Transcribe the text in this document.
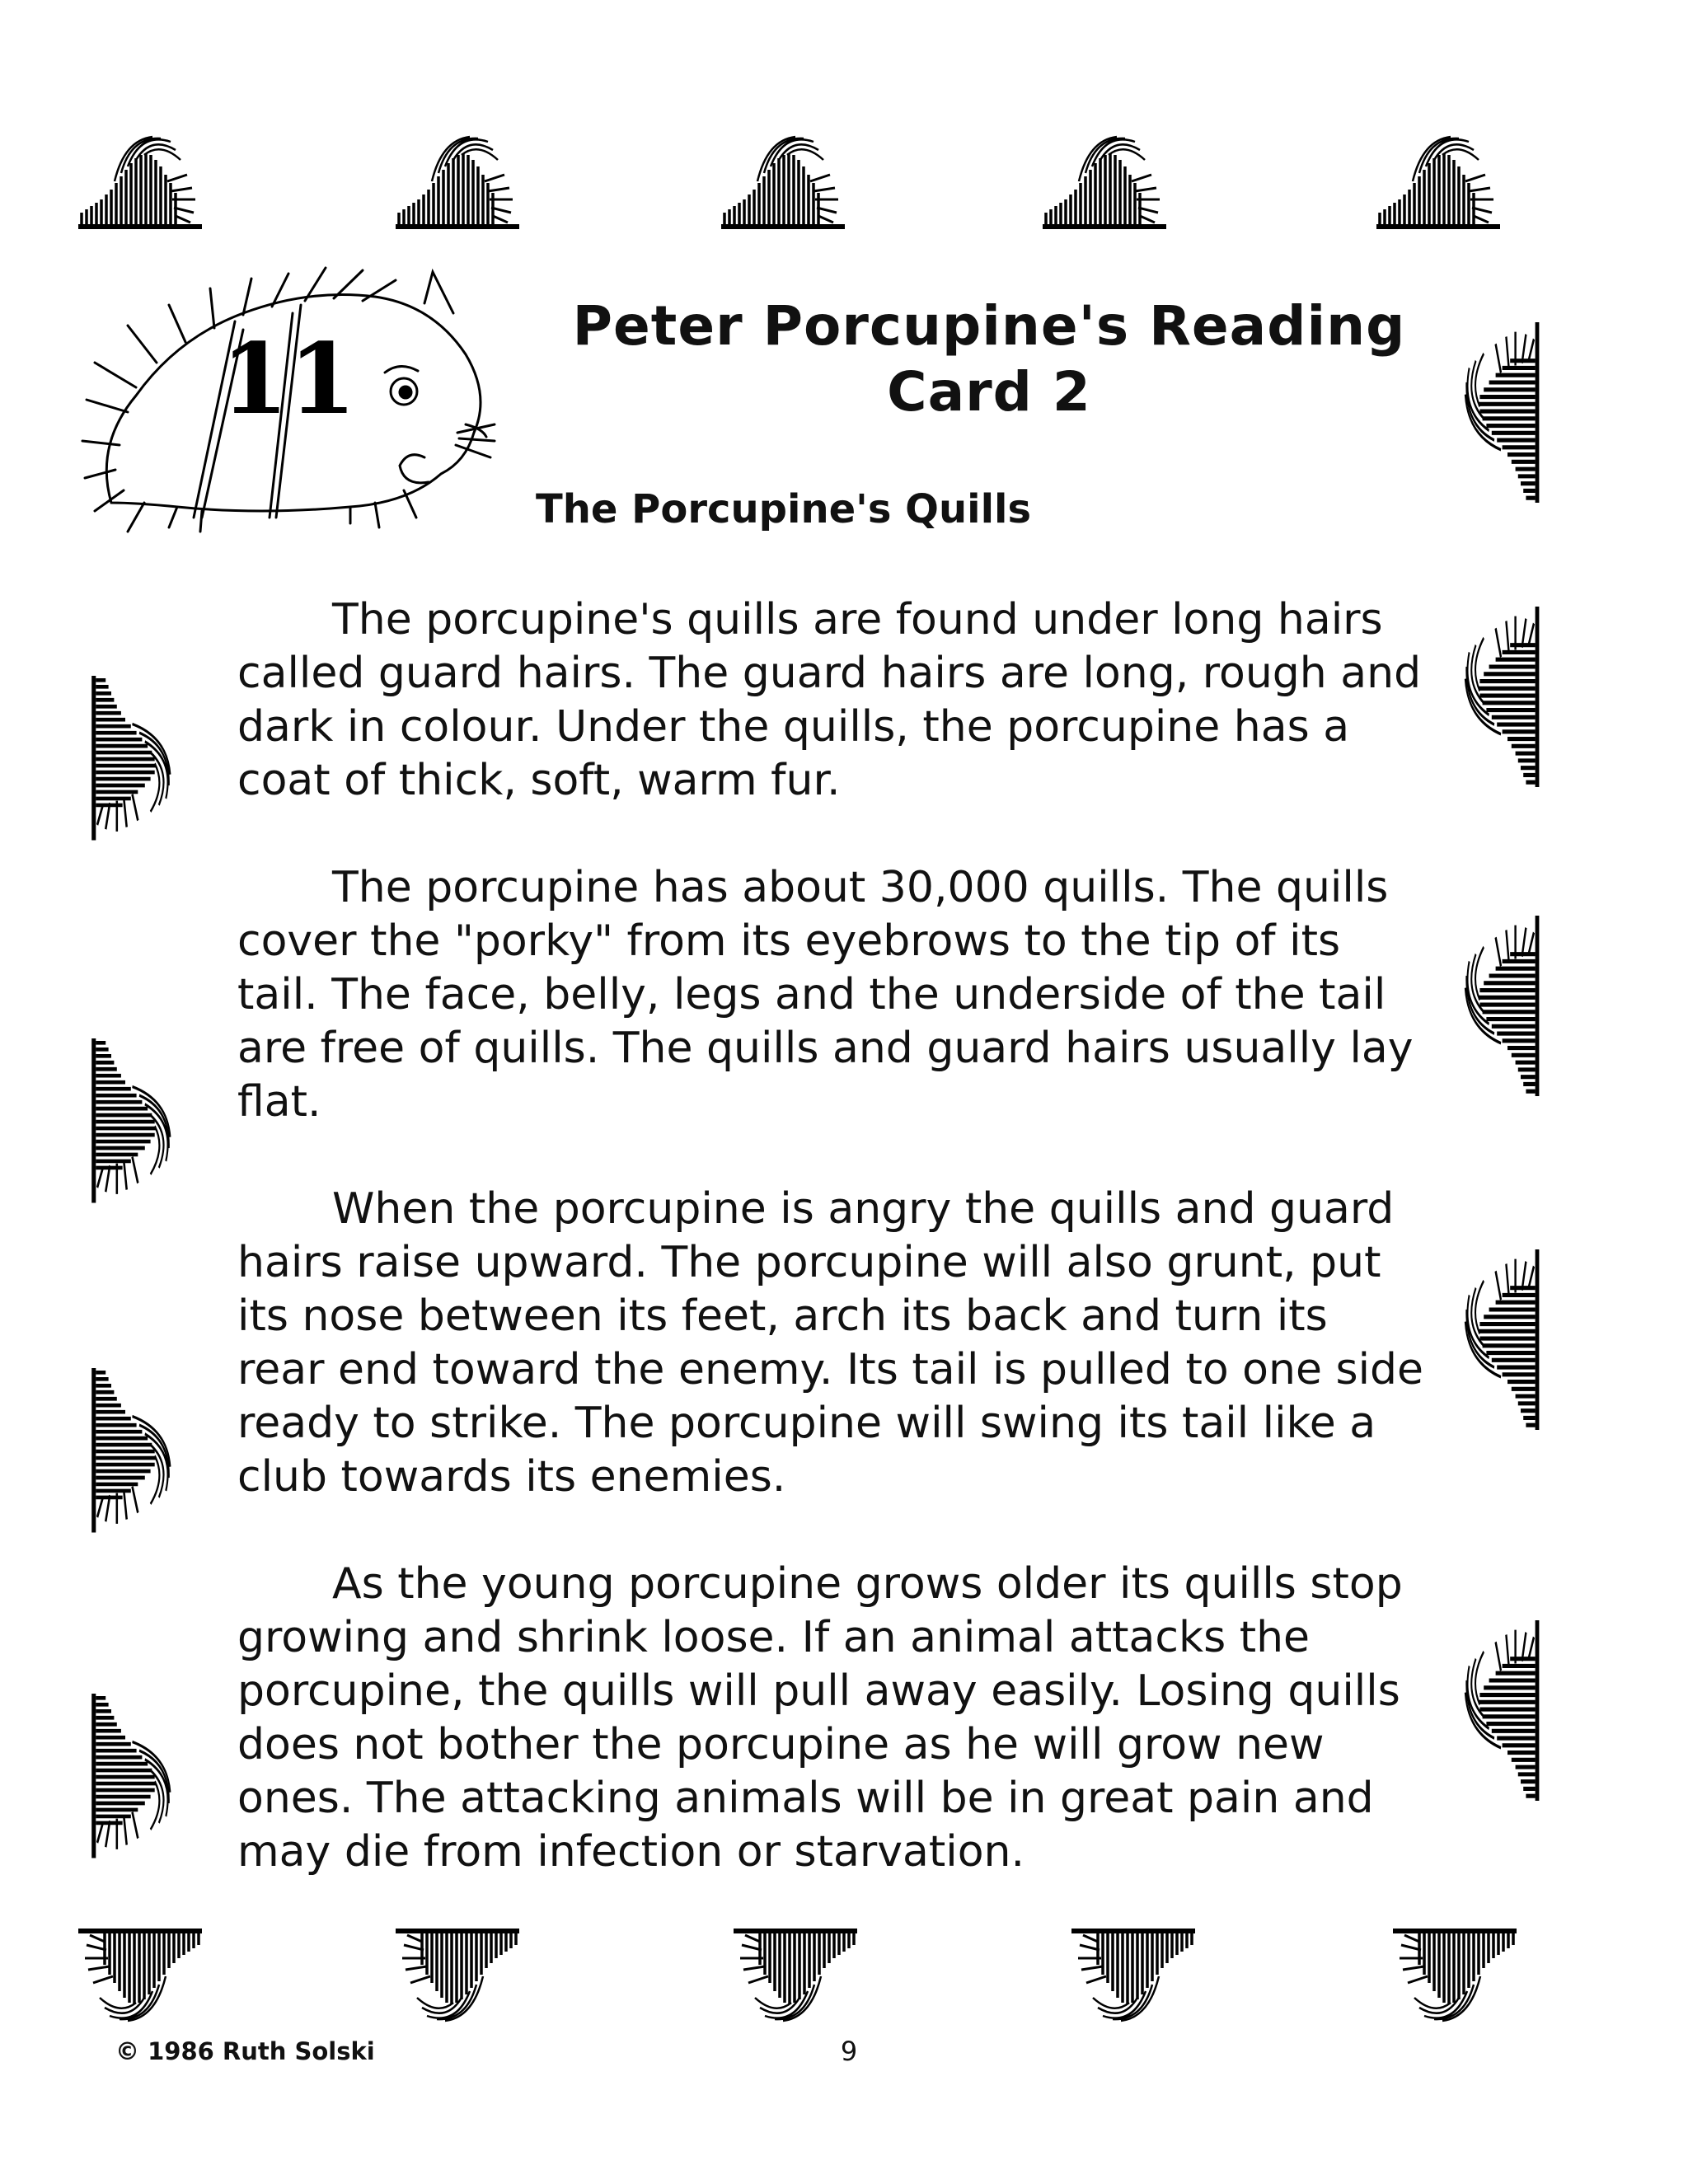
11	Peter Porcupine's Reading
Card 2
The Porcupine's Quills

The porcupine's quills are found under long hairs called guard hairs. The guard hairs are long, rough and dark in colour. Under the quills, the porcupine has a coat of thick, soft, warm fur.

The porcupine has about 30,000 quills. The quills cover the "porky" from its eyebrows to the tip of its tail. The face, belly, legs and the underside of the tail are free of quills. The quills and guard hairs usually lay flat.

When the porcupine is angry the quills and guard hairs raise upward. The porcupine will also grunt, put its nose between its feet, arch its back and turn its rear end toward the enemy. Its tail is pulled to one side ready to strike. The porcupine will swing its tail like a club towards its enemies.

As the young porcupine grows older its quills stop growing and shrink loose. If an animal attacks the porcupine, the quills will pull away easily. Losing quills does not bother the porcupine as he will grow new ones. The attacking animals will be in great pain and may die from infection or starvation.

© 1986 Ruth Solski	9
